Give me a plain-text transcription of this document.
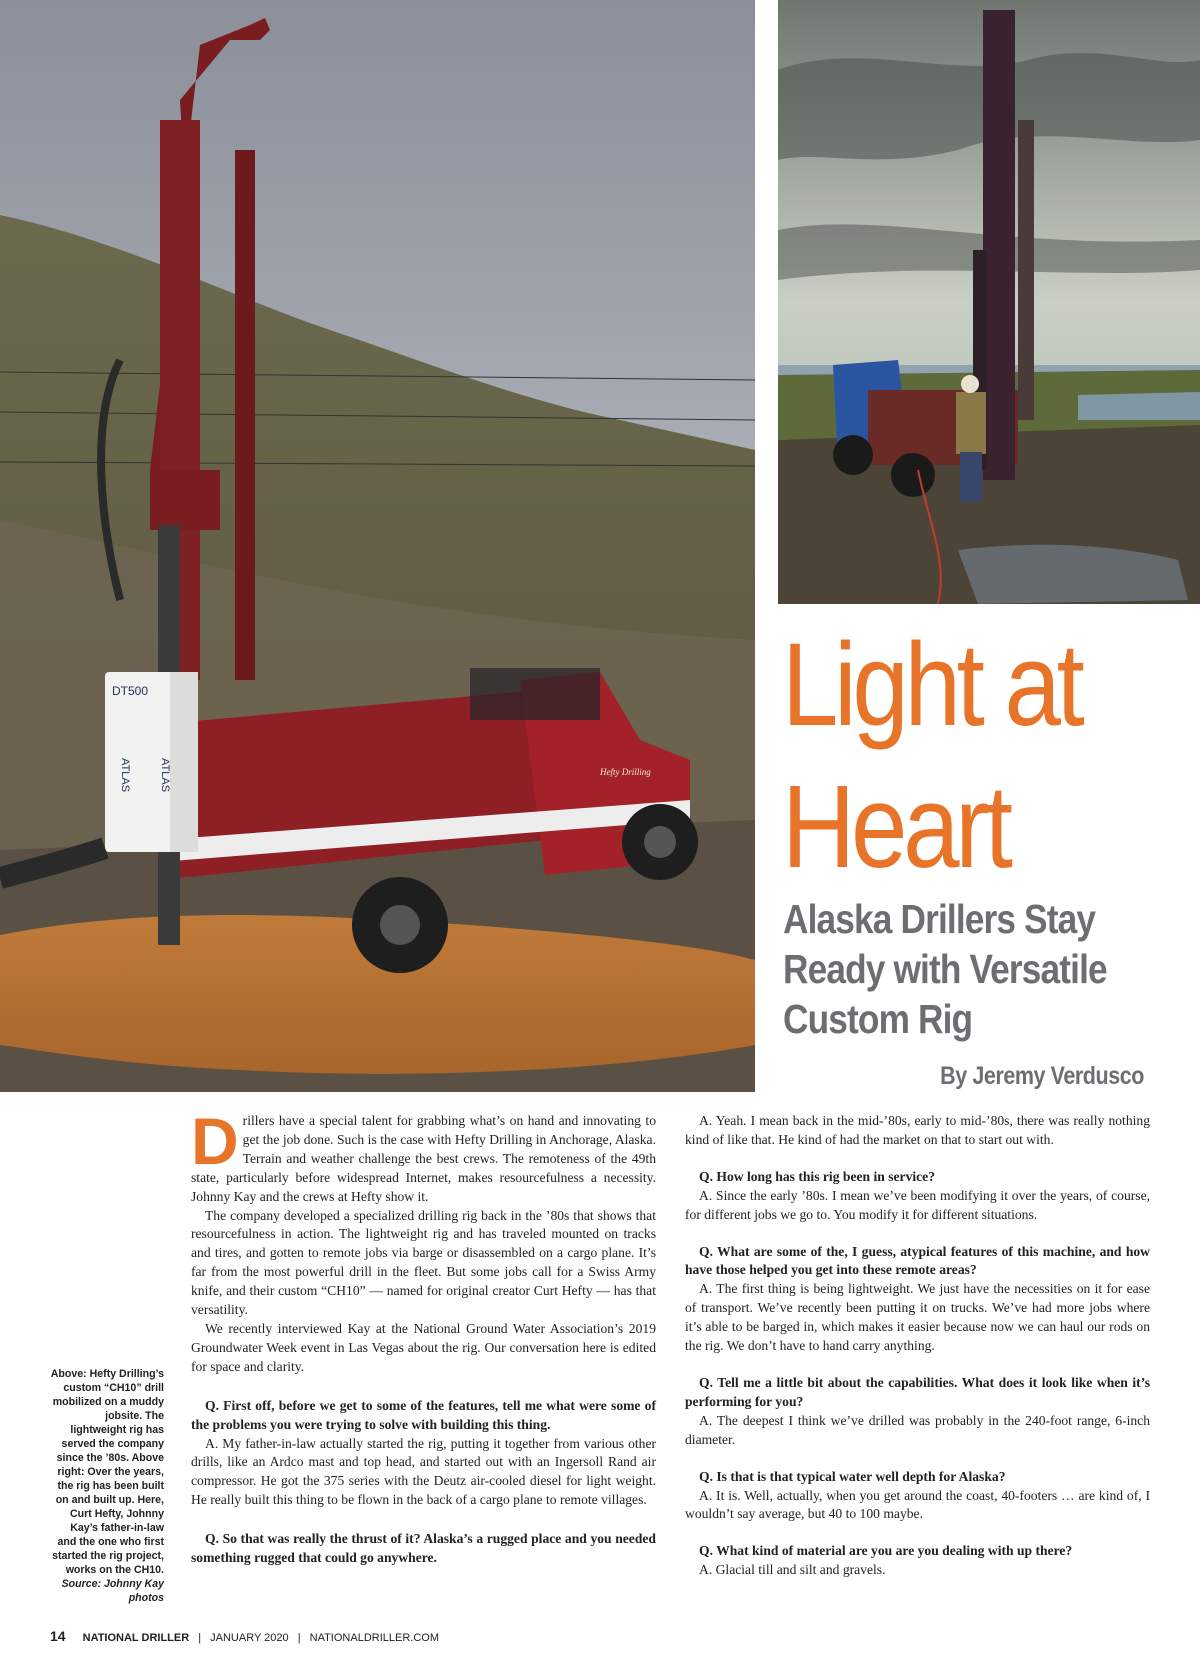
DT500
ATLAS	ATLAS	Hefty Drilling
Light at
Heart
Alaska Drillers Stay Ready with Versatile Custom Rig
By Jeremy Verdusco
Above: Hefty Drilling’s custom “CH10” drill mobilized on a muddy jobsite. The lightweight rig has served the company since the ’80s. Above right: Over the years, the rig has been built on and built up. Here, Curt Hefty, Johnny Kay’s father-in-law and the one who first started the rig project, works on the CH10. Source: Johnny Kay photos

Drillers have a special talent for grabbing what’s on hand and innovating to get the job done. Such is the case with Hefty Drilling in Anchorage, Alaska. Terrain and weather challenge the best crews. The remoteness of the 49th state, particularly before widespread Internet, makes resourcefulness a necessity. Johnny Kay and the crews at Hefty show it.

The company developed a specialized drilling rig back in the ’80s that shows that resourcefulness in action. The lightweight rig and has traveled mounted on tracks and tires, and gotten to remote jobs via barge or disassembled on a cargo plane. It’s far from the most powerful drill in the fleet. But some jobs call for a Swiss Army knife, and their custom “CH10” — named for original creator Curt Hefty — has that versatility.

We recently interviewed Kay at the National Ground Water Association’s 2019 Groundwater Week event in Las Vegas about the rig. Our conversation here is edited for space and clarity.

Q. First off, before we get to some of the features, tell me what were some of the problems you were trying to solve with building this thing.

A. My father-in-law actually started the rig, putting it together from various other drills, like an Ardco mast and top head, and started out with an Ingersoll Rand air compressor. He got the 375 series with the Deutz air-cooled diesel for light weight. He really built this thing to be flown in the back of a cargo plane to remote villages.

Q. So that was really the thrust of it? Alaska’s a rugged place and you needed something rugged that could go anywhere.

A. Yeah. I mean back in the mid-’80s, early to mid-’80s, there was really nothing kind of like that. He kind of had the market on that to start out with.

Q. How long has this rig been in service?

A. Since the early ’80s. I mean we’ve been modifying it over the years, of course, for different jobs we go to. You modify it for different situations.

Q. What are some of the, I guess, atypical features of this machine, and how have those helped you get into these remote areas?

A. The first thing is being lightweight. We just have the necessities on it for ease of transport. We’ve recently been putting it on trucks. We’ve had more jobs where it’s able to be barged in, which makes it easier because now we can haul our rods on the rig. We don’t have to hand carry anything.

Q. Tell me a little bit about the capabilities. What does it look like when it’s performing for you?

A. The deepest I think we’ve drilled was probably in the 240-foot range, 6-inch diameter.

Q. Is that is that typical water well depth for Alaska?

A. It is. Well, actually, when you get around the coast, 40-footers … are kind of, I wouldn’t say average, but 40 to 100 maybe.

Q. What kind of material are you are you dealing with up there?

A. Glacial till and silt and gravels.

14 NATIONAL DRILLER | JANUARY 2020 | NATIONALDRILLER.COM
